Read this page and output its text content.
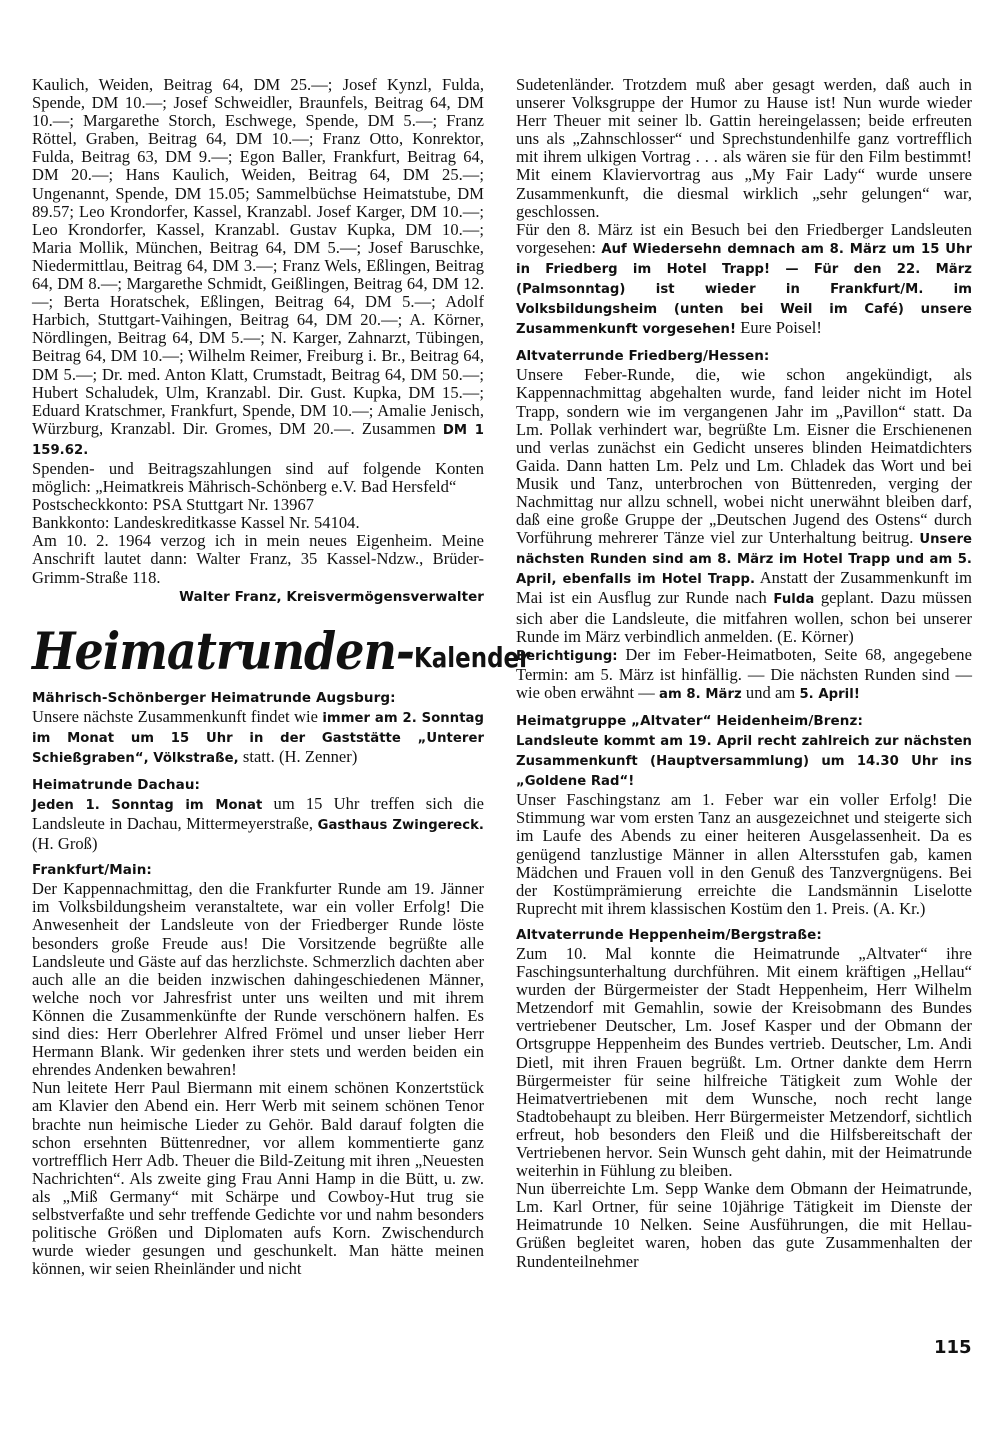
Kaulich, Weiden, Beitrag 64, DM 25.—; Josef Kynzl, Fulda, Spende, DM 10.—; Josef Schweidler, Braunfels, Beitrag 64, DM 10.—; Margarethe Storch, Eschwege, Spende, DM 5.—; Franz Röttel, Graben, Beitrag 64, DM 10.—; Franz Otto, Konrektor, Fulda, Beitrag 63, DM 9.—; Egon Baller, Frankfurt, Beitrag 64, DM 20.—; Hans Kaulich, Weiden, Beitrag 64, DM 25.—; Ungenannt, Spende, DM 15.05; Sammelbüchse Heimatstube, DM 89.57; Leo Krondorfer, Kassel, Kranzabl. Josef Karger, DM 10.—; Leo Krondorfer, Kassel, Kranzabl. Gustav Kupka, DM 10.—; Maria Mollik, München, Beitrag 64, DM 5.—; Josef Baruschke, Niedermittlau, Beitrag 64, DM 3.—; Franz Wels, Eßlingen, Beitrag 64, DM 8.—; Margarethe Schmidt, Geißlingen, Beitrag 64, DM 12.—; Berta Horatschek, Eßlingen, Beitrag 64, DM 5.—; Adolf Harbich, Stuttgart-Vaihingen, Beitrag 64, DM 20.—; A. Körner, Nördlingen, Beitrag 64, DM 5.—; N. Karger, Zahnarzt, Tübingen, Beitrag 64, DM 10.—; Wilhelm Reimer, Freiburg i. Br., Beitrag 64, DM 5.—; Dr. med. Anton Klatt, Crumstadt, Beitrag 64, DM 50.—; Hubert Schaludek, Ulm, Kranzabl. Dir. Gust. Kupka, DM 15.—; Eduard Kratschmer, Frankfurt, Spende, DM 10.—; Amalie Jenisch, Würzburg, Kranzabl. Dir. Gromes, DM 20.—. Zusammen DM 1 159.62.

Spenden- und Beitragszahlungen sind auf folgende Konten möglich: „Heimatkreis Mährisch-Schönberg e.V. Bad Hersfeld“

Postscheckkonto: PSA Stuttgart Nr. 13967

Bankkonto: Landeskreditkasse Kassel Nr. 54104.

Am 10. 2. 1964 verzog ich in mein neues Eigenheim. Meine Anschrift lautet dann: Walter Franz, 35 Kassel-Ndzw., Brüder-Grimm-Straße 118.

Walter Franz, Kreisvermögensverwalter

Heimatrunden-Kalender
Mährisch-Schönberger Heimatrunde Augsburg:

Unsere nächste Zusammenkunft findet wie immer am 2. Sonntag im Monat um 15 Uhr in der Gaststätte „Unterer Schießgraben“, Völkstraße, statt. (H. Zenner)

Heimatrunde Dachau:

Jeden 1. Sonntag im Monat um 15 Uhr treffen sich die Landsleute in Dachau, Mittermeyerstraße, Gasthaus Zwingereck. (H. Groß)

Frankfurt/Main:

Der Kappennachmittag, den die Frankfurter Runde am 19. Jänner im Volksbildungsheim veranstaltete, war ein voller Erfolg! Die Anwesenheit der Landsleute von der Friedberger Runde löste besonders große Freude aus! Die Vorsitzende begrüßte alle Landsleute und Gäste auf das herzlichste. Schmerzlich dachten aber auch alle an die beiden inzwischen dahingeschiedenen Männer, welche noch vor Jahresfrist unter uns weilten und mit ihrem Können die Zusammenkünfte der Runde verschönern halfen. Es sind dies: Herr Oberlehrer Alfred Frömel und unser lieber Herr Hermann Blank. Wir gedenken ihrer stets und werden beiden ein ehrendes Andenken bewahren!

Nun leitete Herr Paul Biermann mit einem schönen Konzertstück am Klavier den Abend ein. Herr Werb mit seinem schönen Tenor brachte nun heimische Lieder zu Gehör. Bald darauf folgten die schon ersehnten Büttenredner, vor allem kommentierte ganz vortrefflich Herr Adb. Theuer die Bild-Zeitung mit ihren „Neuesten Nachrichten“. Als zweite ging Frau Anni Hamp in die Bütt, u. zw. als „Miß Germany“ mit Schärpe und Cowboy-Hut trug sie selbstverfaßte und sehr treffende Gedichte vor und nahm besonders politische Größen und Diplomaten aufs Korn. Zwischendurch wurde wieder gesungen und geschunkelt. Man hätte meinen können, wir seien Rheinländer und nicht

Sudetenländer. Trotzdem muß aber gesagt werden, daß auch in unserer Volksgruppe der Humor zu Hause ist! Nun wurde wieder Herr Theuer mit seiner lb. Gattin hereingelassen; beide erfreuten uns als „Zahnschlosser“ und Sprechstundenhilfe ganz vortrefflich mit ihrem ulkigen Vortrag . . . als wären sie für den Film bestimmt! Mit einem Klaviervortrag aus „My Fair Lady“ wurde unsere Zusammenkunft, die diesmal wirklich „sehr gelungen“ war, geschlossen.

Für den 8. März ist ein Besuch bei den Friedberger Landsleuten vorgesehen: Auf Wiedersehn demnach am 8. März um 15 Uhr in Friedberg im Hotel Trapp! — Für den 22. März (Palmsonntag) ist wieder in Frankfurt/M. im Volksbildungsheim (unten bei Weil im Café) unsere Zusammenkunft vorgesehen! Eure Poisel!

Altvaterrunde Friedberg/Hessen:

Unsere Feber-Runde, die, wie schon angekündigt, als Kappennachmittag abgehalten wurde, fand leider nicht im Hotel Trapp, sondern wie im vergangenen Jahr im „Pavillon“ statt. Da Lm. Pollak verhindert war, begrüßte Lm. Eisner die Erschienenen und verlas zunächst ein Gedicht unseres blinden Heimatdichters Gaida. Dann hatten Lm. Pelz und Lm. Chladek das Wort und bei Musik und Tanz, unterbrochen von Büttenreden, verging der Nachmittag nur allzu schnell, wobei nicht unerwähnt bleiben darf, daß eine große Gruppe der „Deutschen Jugend des Ostens“ durch Vorführung mehrerer Tänze viel zur Unterhaltung beitrug. Unsere nächsten Runden sind am 8. März im Hotel Trapp und am 5. April, ebenfalls im Hotel Trapp. Anstatt der Zusammenkunft im Mai ist ein Ausflug zur Runde nach Fulda geplant. Dazu müssen sich aber die Landsleute, die mitfahren wollen, schon bei unserer Runde im März verbindlich anmelden. (E. Körner)

Berichtigung: Der im Feber-Heimatboten, Seite 68, angegebene Termin: am 5. März ist hinfällig. — Die nächsten Runden sind — wie oben erwähnt — am 8. März und am 5. April!

Heimatgruppe „Altvater“ Heidenheim/Brenz:

Landsleute kommt am 19. April recht zahlreich zur nächsten Zusammenkunft (Hauptversammlung) um 14.30 Uhr ins „Goldene Rad“!

Unser Faschingstanz am 1. Feber war ein voller Erfolg! Die Stimmung war vom ersten Tanz an ausgezeichnet und steigerte sich im Laufe des Abends zu einer heiteren Ausgelassenheit. Da es genügend tanzlustige Männer in allen Altersstufen gab, kamen Mädchen und Frauen voll in den Genuß des Tanzvergnügens. Bei der Kostümprämierung erreichte die Landsmännin Liselotte Ruprecht mit ihrem klassischen Kostüm den 1. Preis. (A. Kr.)

Altvaterrunde Heppenheim/Bergstraße:

Zum 10. Mal konnte die Heimatrunde „Altvater“ ihre Faschingsunterhaltung durchführen. Mit einem kräftigen „Hellau“ wurden der Bürgermeister der Stadt Heppenheim, Herr Wilhelm Metzendorf mit Gemahlin, sowie der Kreisobmann des Bundes vertriebener Deutscher, Lm. Josef Kasper und der Obmann der Ortsgruppe Heppenheim des Bundes vertrieb. Deutscher, Lm. Andi Dietl, mit ihren Frauen begrüßt. Lm. Ortner dankte dem Herrn Bürgermeister für seine hilfreiche Tätigkeit zum Wohle der Heimatvertriebenen mit dem Wunsche, noch recht lange Stadtobehaupt zu bleiben. Herr Bürgermeister Metzendorf, sichtlich erfreut, hob besonders den Fleiß und die Hilfsbereitschaft der Vertriebenen hervor. Sein Wunsch geht dahin, mit der Heimatrunde weiterhin in Fühlung zu bleiben.

Nun überreichte Lm. Sepp Wanke dem Obmann der Heimatrunde, Lm. Karl Ortner, für seine 10jährige Tätigkeit im Dienste der Heimatrunde 10 Nelken. Seine Ausführungen, die mit Hellau-Grüßen begleitet waren, hoben das gute Zusammenhalten der Rundenteilnehmer

115
